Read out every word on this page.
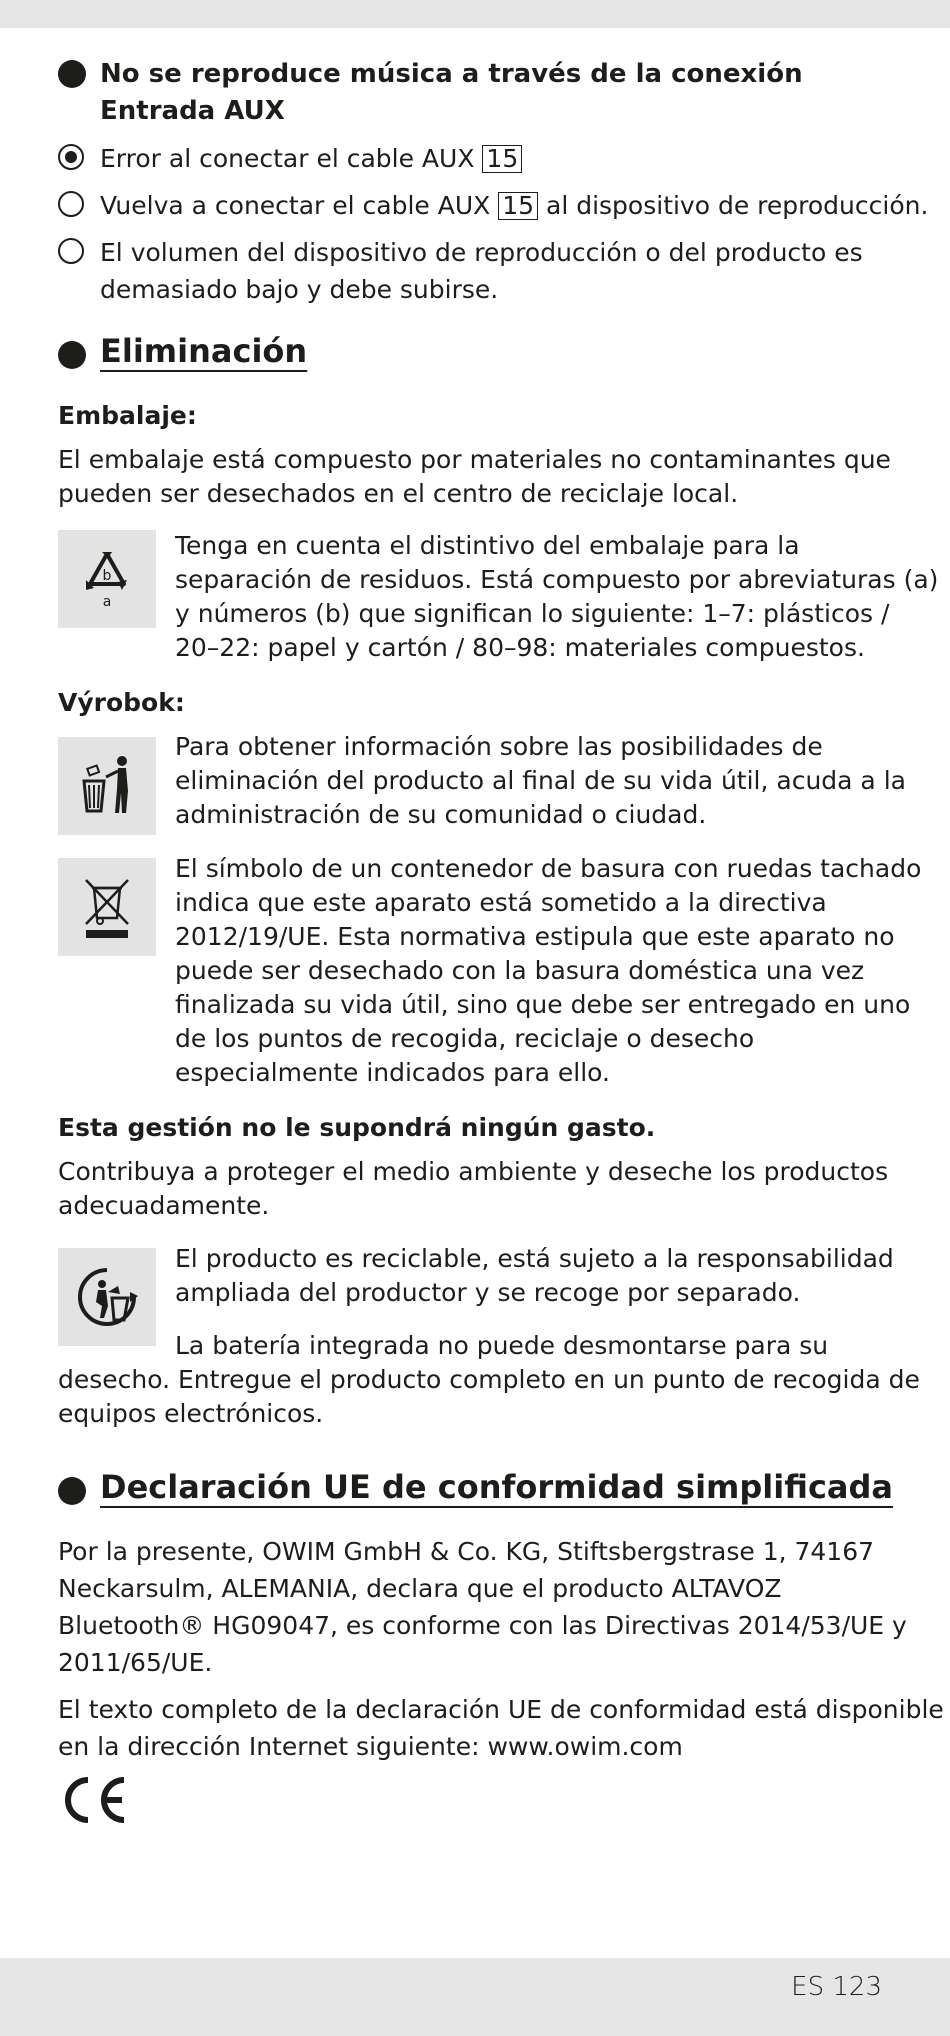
No se reproduce música a través de la conexión
Entrada AUX
Error al conectar el cable AUX 15
Vuelva a conectar el cable AUX 15 al dispositivo de reproducción.
El volumen del dispositivo de reproducción o del producto es
demasiado bajo y debe subirse.
Eliminación
Embalaje:
El embalaje está compuesto por materiales no contaminantes que
pueden ser desechados en el centro de reciclaje local.
b
a
Tenga en cuenta el distintivo del embalaje para la
separación de residuos. Está compuesto por abreviaturas (a)
y números (b) que significan lo siguiente: 1–7: plásticos /
20–22: papel y cartón / 80–98: materiales compuestos.
Výrobok:
Para obtener información sobre las posibilidades de
eliminación del producto al final de su vida útil, acuda a la
administración de su comunidad o ciudad.
El símbolo de un contenedor de basura con ruedas tachado
indica que este aparato está sometido a la directiva
2012/19/UE. Esta normativa estipula que este aparato no
puede ser desechado con la basura doméstica una vez
finalizada su vida útil, sino que debe ser entregado en uno
de los puntos de recogida, reciclaje o desecho
especialmente indicados para ello.
Esta gestión no le supondrá ningún gasto.
Contribuya a proteger el medio ambiente y deseche los productos
adecuadamente.
El producto es reciclable, está sujeto a la responsabilidad
ampliada del productor y se recoge por separado.
La batería integrada no puede desmontarse para su
desecho. Entregue el producto completo en un punto de recogida de
equipos electrónicos.
Declaración UE de conformidad simplificada
Por la presente, OWIM GmbH & Co. KG, Stiftsbergstrase 1, 74167
Neckarsulm, ALEMANIA, declara que el producto ALTAVOZ
Bluetooth® HG09047, es conforme con las Directivas 2014/53/UE y
2011/65/UE.
El texto completo de la declaración UE de conformidad está disponible
en la dirección Internet siguiente: www.owim.com
ES 123
